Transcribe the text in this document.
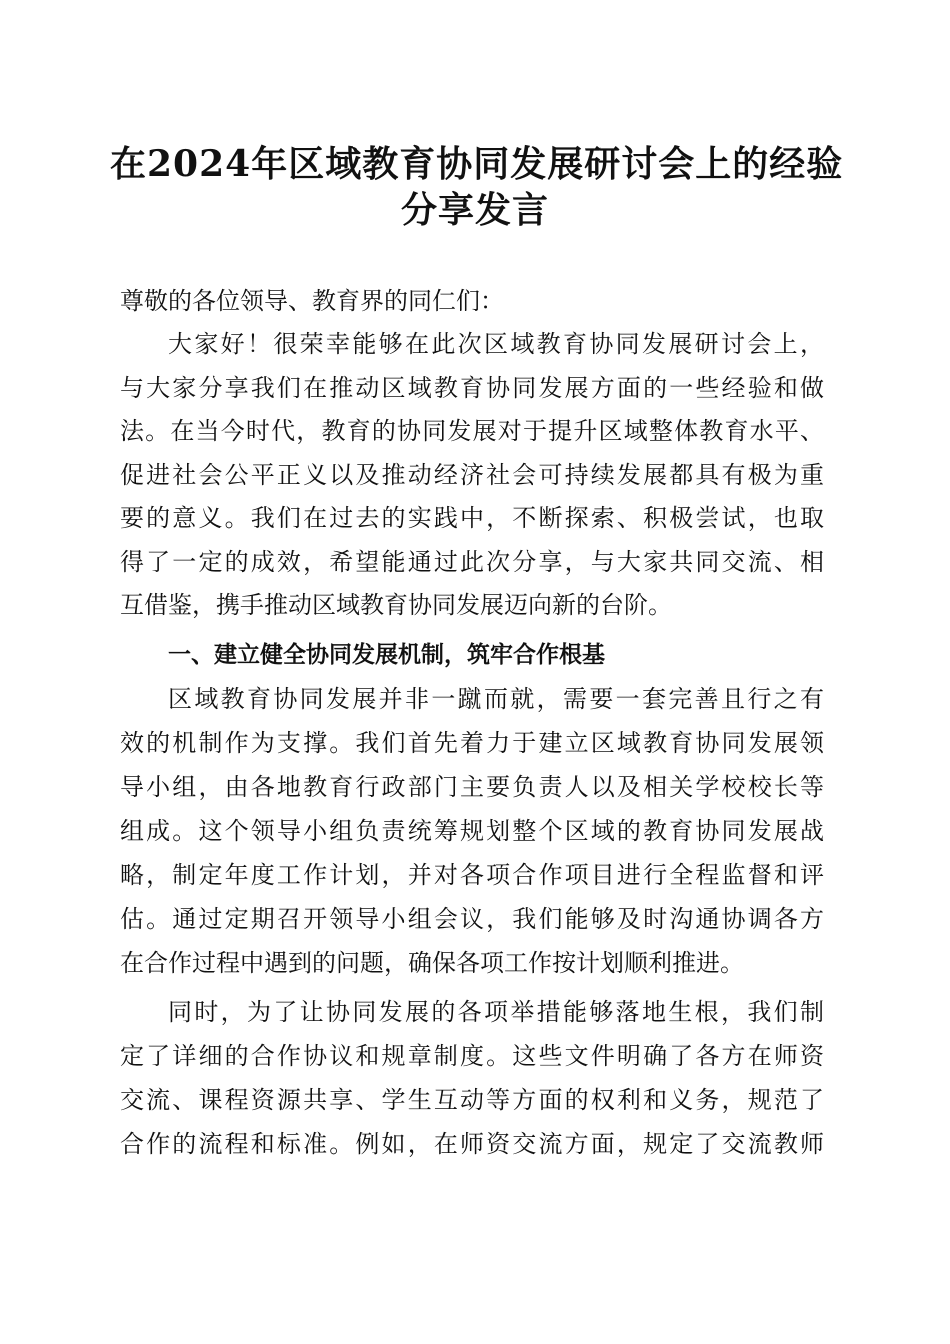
在2024年区域教育协同发展研讨会上的经验
分享发言
尊敬的各位领导、教育界的同仁们：
大家好！很荣幸能够在此次区域教育协同发展研讨会上，
与大家分享我们在推动区域教育协同发展方面的一些经验和做
法。在当今时代，教育的协同发展对于提升区域整体教育水平、
促进社会公平正义以及推动经济社会可持续发展都具有极为重
要的意义。我们在过去的实践中，不断探索、积极尝试，也取
得了一定的成效，希望能通过此次分享，与大家共同交流、相
互借鉴，携手推动区域教育协同发展迈向新的台阶。
一、建立健全协同发展机制，筑牢合作根基
区域教育协同发展并非一蹴而就，需要一套完善且行之有
效的机制作为支撑。我们首先着力于建立区域教育协同发展领
导小组，由各地教育行政部门主要负责人以及相关学校校长等
组成。这个领导小组负责统筹规划整个区域的教育协同发展战
略，制定年度工作计划，并对各项合作项目进行全程监督和评
估。通过定期召开领导小组会议，我们能够及时沟通协调各方
在合作过程中遇到的问题，确保各项工作按计划顺利推进。
同时，为了让协同发展的各项举措能够落地生根，我们制
定了详细的合作协议和规章制度。这些文件明确了各方在师资
交流、课程资源共享、学生互动等方面的权利和义务，规范了
合作的流程和标准。例如，在师资交流方面，规定了交流教师
